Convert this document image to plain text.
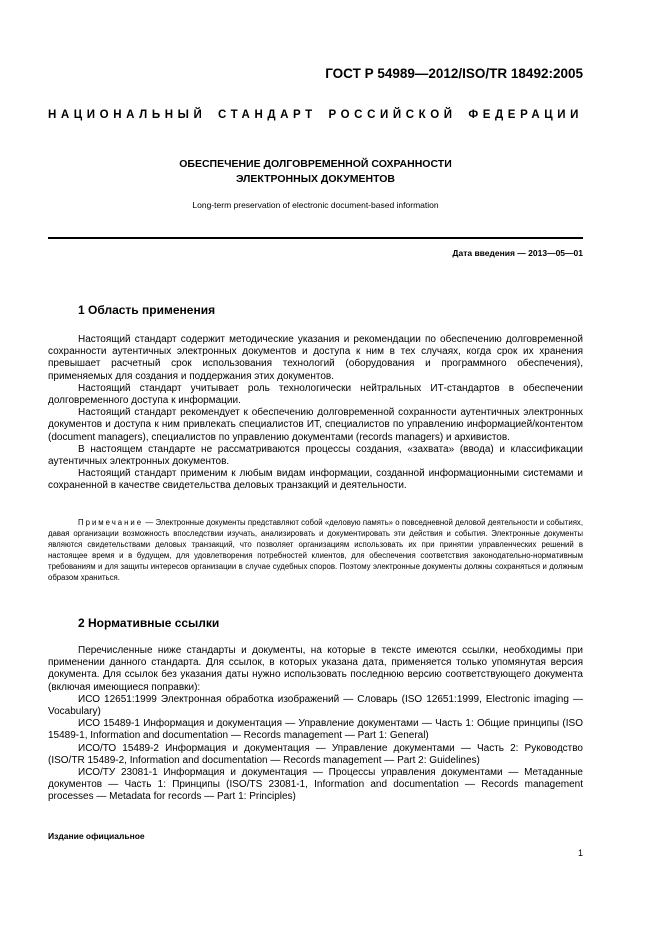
ГОСТ Р 54989—2012/ISO/TR 18492:2005
НАЦИОНАЛЬНЫЙ СТАНДАРТ РОССИЙСКОЙ ФЕДЕРАЦИИ
ОБЕСПЕЧЕНИЕ ДОЛГОВРЕМЕННОЙ СОХРАННОСТИ
ЭЛЕКТРОННЫХ ДОКУМЕНТОВ
Long-term preservation of electronic document-based information
Дата введения — 2013—05—01
1 Область применения

Настоящий стандарт содержит методические указания и рекомендации по обеспечению долговременной сохранности аутентичных электронных документов и доступа к ним в тех случаях, когда срок их хранения превышает расчетный срок использования технологий (оборудования и программного обеспечения), применяемых для создания и поддержания этих документов.

Настоящий стандарт учитывает роль технологически нейтральных ИТ-стандартов в обеспечении долговременного доступа к информации.

Настоящий стандарт рекомендует к обеспечению долговременной сохранности аутентичных электронных документов и доступа к ним привлекать специалистов ИТ, специалистов по управлению информацией/контентом (document managers), специалистов по управлению документами (records managers) и архивистов.

В настоящем стандарте не рассматриваются процессы создания, «захвата» (ввода) и классификации аутентичных электронных документов.

Настоящий стандарт применим к любым видам информации, созданной информационными системами и сохраненной в качестве свидетельства деловых транзакций и деятельности.

Примечание — Электронные документы представляют собой «деловую память» о повседневной деловой деятельности и событиях, давая организации возможность впоследствии изучать, анализировать и документировать эти действия и события. Электронные документы являются свидетельствами деловых транзакций, что позволяет организациям использовать их при принятии управленческих решений в настоящее время и в будущем, для удовлетворения потребностей клиентов, для обеспечения соответствия законодательно-нормативным требованиям и для защиты интересов организации в случае судебных споров. Поэтому электронные документы должны сохраняться и должным образом храниться.

2 Нормативные ссылки

Перечисленные ниже стандарты и документы, на которые в тексте имеются ссылки, необходимы при применении данного стандарта. Для ссылок, в которых указана дата, применяется только упомянутая версия документа. Для ссылок без указания даты нужно использовать последнюю версию соответствующего документа (включая имеющиеся поправки):

ИСО 12651:1999 Электронная обработка изображений — Словарь (ISO 12651:1999, Electronic imaging — Vocabulary)

ИСО 15489-1 Информация и документация — Управление документами — Часть 1: Общие принципы (ISO 15489-1, Information and documentation — Records management — Part 1: General)

ИСО/ТО 15489-2 Информация и документация — Управление документами — Часть 2: Руководство (ISO/TR 15489-2, Information and documentation — Records management — Part 2: Guidelines)

ИСО/ТУ 23081-1 Информация и документация — Процессы управления документами — Метаданные документов — Часть 1: Принципы (ISO/TS 23081-1, Information and documentation — Records management processes — Metadata for records — Part 1: Principles)

Издание официальное
1
